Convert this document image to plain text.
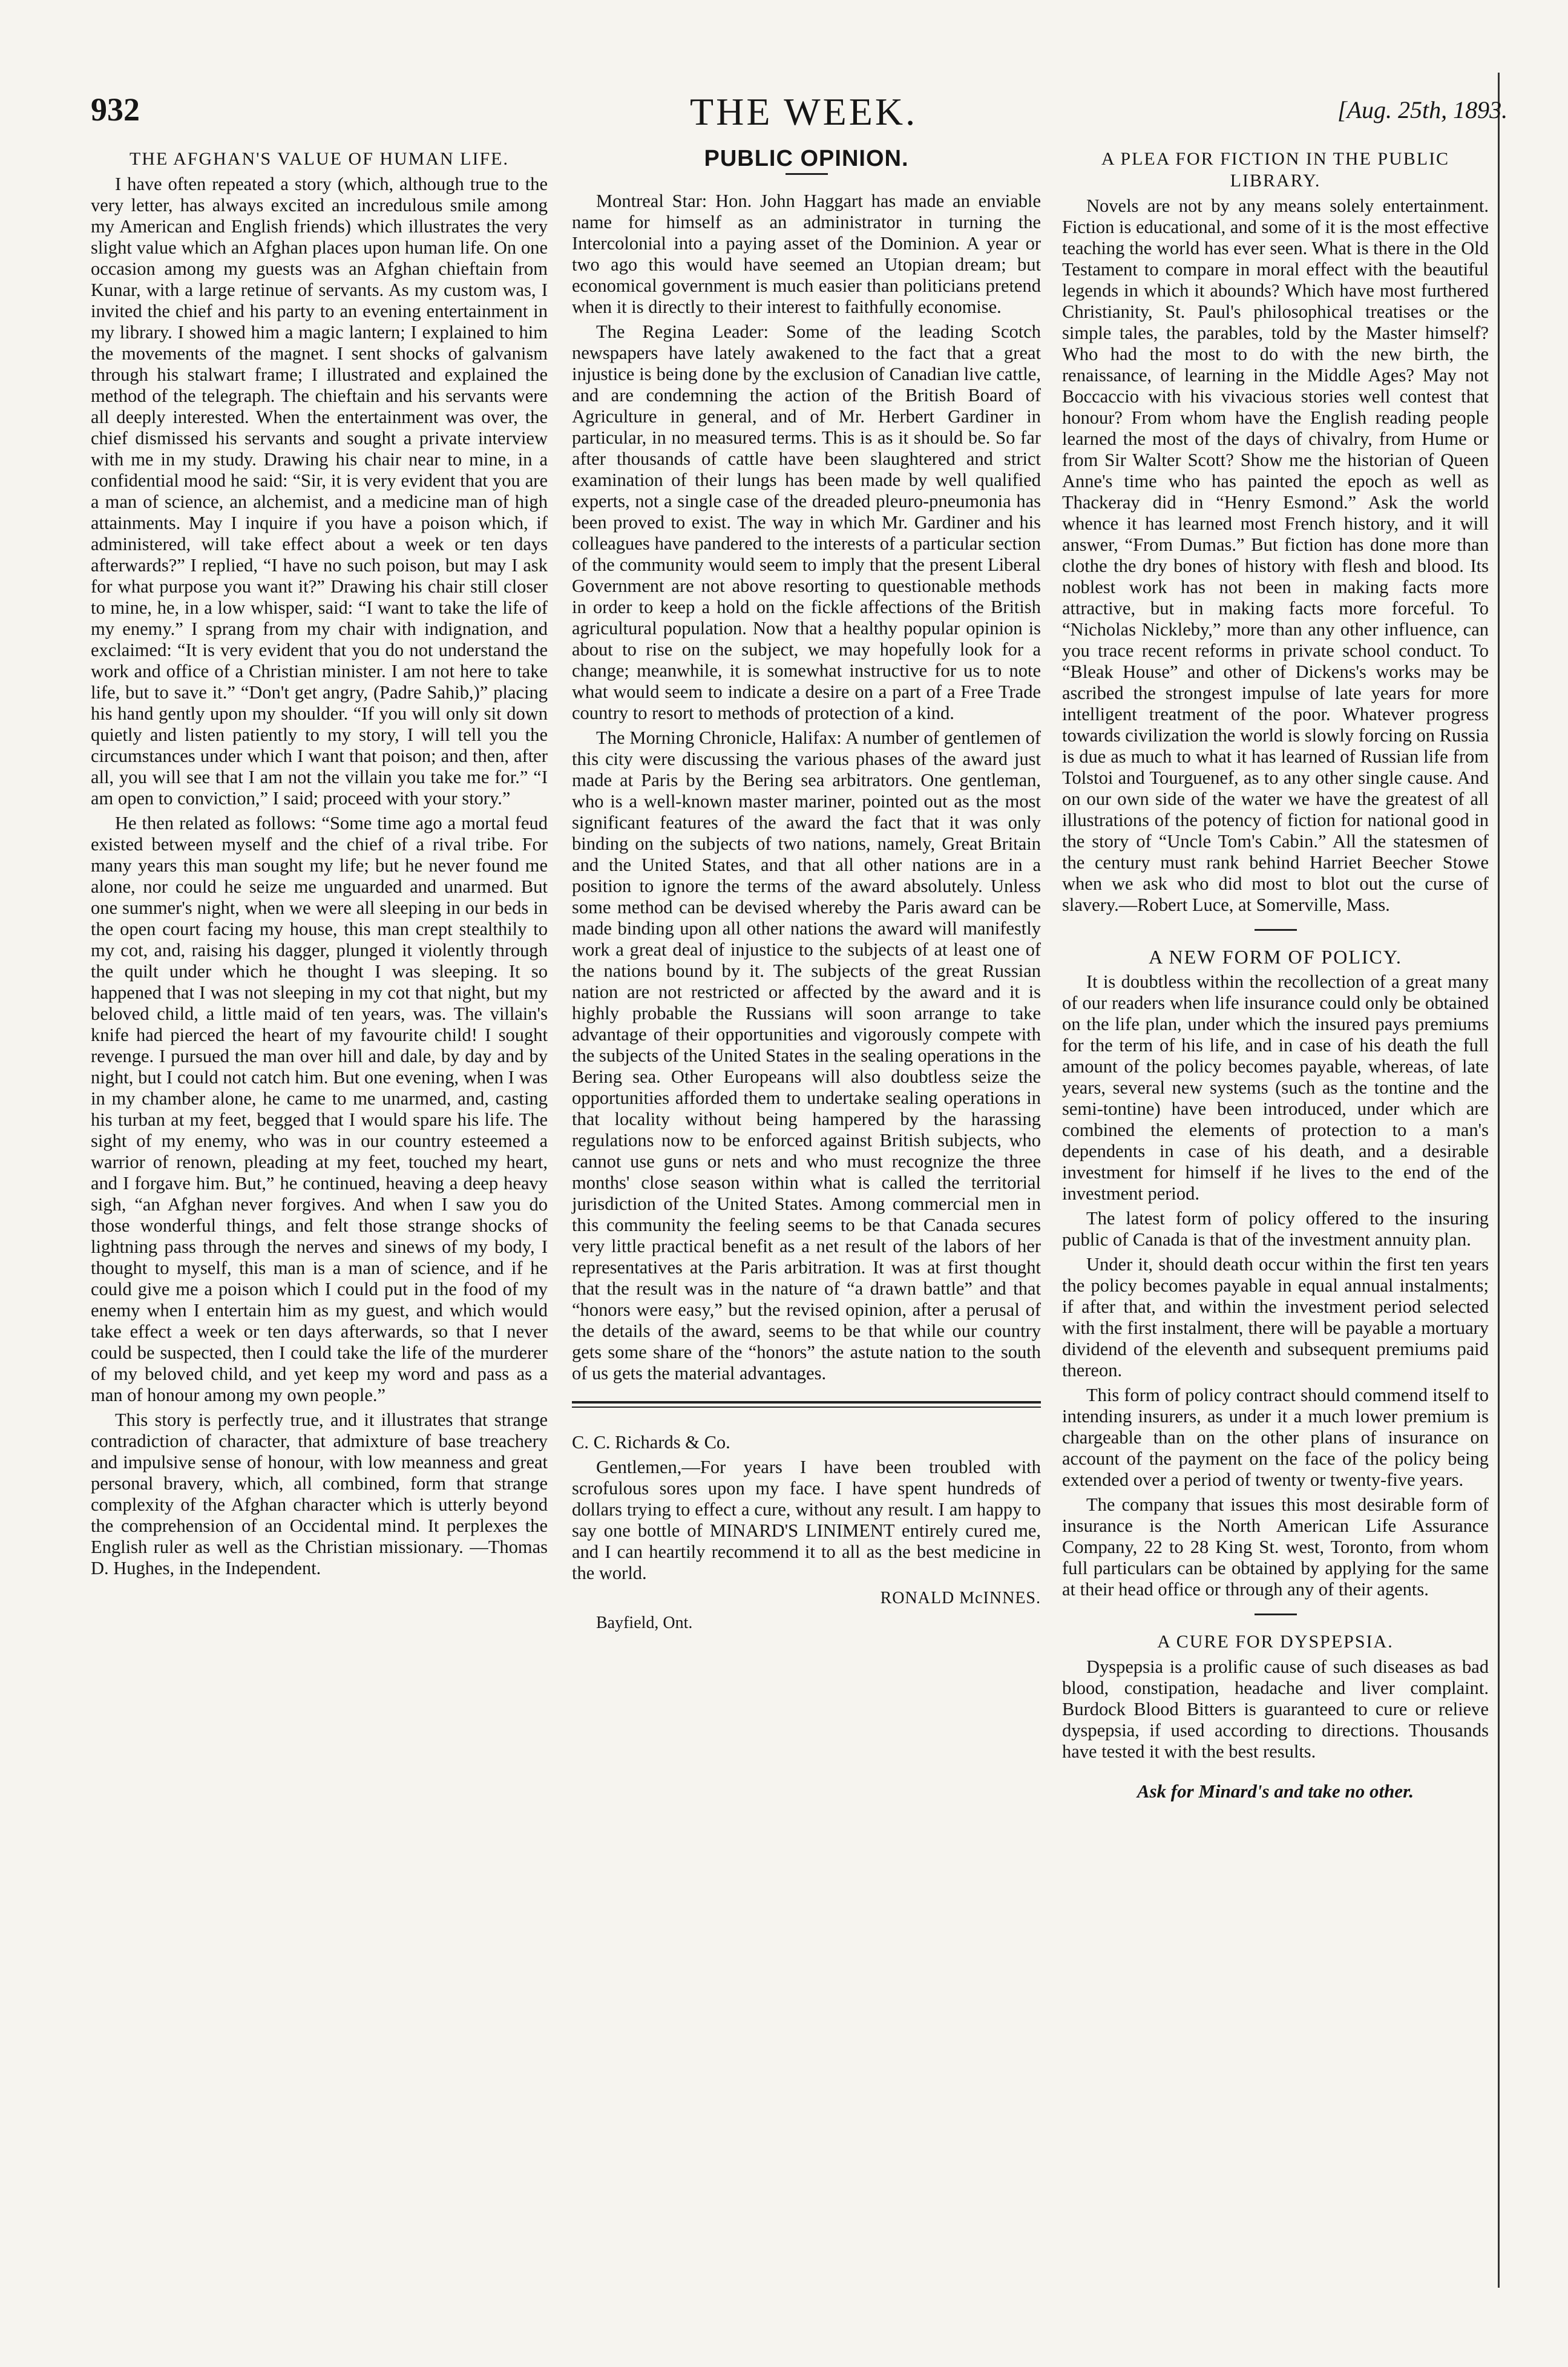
932	THE WEEK.	[Aug. 25th, 1893.

THE AFGHAN'S VALUE OF HUMAN LIFE.

I have often repeated a story (which, although true to the very letter, has always excited an incredulous smile among my American and English friends) which illustrates the very slight value which an Afghan places upon human life. On one occasion among my guests was an Afghan chieftain from Kunar, with a large retinue of servants. As my custom was, I invited the chief and his party to an evening entertainment in my library. I showed him a magic lantern; I explained to him the movements of the magnet. I sent shocks of galvanism through his stalwart frame; I illustrated and explained the method of the telegraph. The chieftain and his servants were all deeply interested. When the entertainment was over, the chief dismissed his servants and sought a private interview with me in my study. Drawing his chair near to mine, in a confidential mood he said: “Sir, it is very evident that you are a man of science, an alchemist, and a medicine man of high attainments. May I inquire if you have a poison which, if administered, will take effect about a week or ten days afterwards?” I replied, “I have no such poison, but may I ask for what purpose you want it?” Drawing his chair still closer to mine, he, in a low whisper, said: “I want to take the life of my enemy.” I sprang from my chair with indignation, and exclaimed: “It is very evident that you do not understand the work and office of a Christian minister. I am not here to take life, but to save it.” “Don't get angry, (Padre Sahib,)” placing his hand gently upon my shoulder. “If you will only sit down quietly and listen patiently to my story, I will tell you the circumstances under which I want that poison; and then, after all, you will see that I am not the villain you take me for.” “I am open to conviction,” I said; proceed with your story.”

He then related as follows: “Some time ago a mortal feud existed between myself and the chief of a rival tribe. For many years this man sought my life; but he never found me alone, nor could he seize me unguarded and unarmed. But one summer's night, when we were all sleeping in our beds in the open court facing my house, this man crept stealthily to my cot, and, raising his dagger, plunged it violently through the quilt under which he thought I was sleeping. It so happened that I was not sleeping in my cot that night, but my beloved child, a little maid of ten years, was. The villain's knife had pierced the heart of my favourite child! I sought revenge. I pursued the man over hill and dale, by day and by night, but I could not catch him. But one evening, when I was in my chamber alone, he came to me unarmed, and, casting his turban at my feet, begged that I would spare his life. The sight of my enemy, who was in our country esteemed a warrior of renown, pleading at my feet, touched my heart, and I forgave him. But,” he continued, heaving a deep heavy sigh, “an Afghan never forgives. And when I saw you do those wonderful things, and felt those strange shocks of lightning pass through the nerves and sinews of my body, I thought to myself, this man is a man of science, and if he could give me a poison which I could put in the food of my enemy when I entertain him as my guest, and which would take effect a week or ten days afterwards, so that I never could be suspected, then I could take the life of the murderer of my beloved child, and yet keep my word and pass as a man of honour among my own people.”

This story is perfectly true, and it illustrates that strange contradiction of character, that admixture of base treachery and impulsive sense of honour, with low meanness and great personal bravery, which, all combined, form that strange complexity of the Afghan character which is utterly beyond the comprehension of an Occidental mind. It perplexes the English ruler as well as the Christian missionary. —Thomas D. Hughes, in the Independent.

PUBLIC OPINION.

Montreal Star: Hon. John Haggart has made an enviable name for himself as an administrator in turning the Intercolonial into a paying asset of the Dominion. A year or two ago this would have seemed an Utopian dream; but economical government is much easier than politicians pretend when it is directly to their interest to faithfully economise.

The Regina Leader: Some of the leading Scotch newspapers have lately awakened to the fact that a great injustice is being done by the exclusion of Canadian live cattle, and are condemning the action of the British Board of Agriculture in general, and of Mr. Herbert Gardiner in particular, in no measured terms. This is as it should be. So far after thousands of cattle have been slaughtered and strict examination of their lungs has been made by well qualified experts, not a single case of the dreaded pleuro-pneumonia has been proved to exist. The way in which Mr. Gardiner and his colleagues have pandered to the interests of a particular section of the community would seem to imply that the present Liberal Government are not above resorting to questionable methods in order to keep a hold on the fickle affections of the British agricultural population. Now that a healthy popular opinion is about to rise on the subject, we may hopefully look for a change; meanwhile, it is somewhat instructive for us to note what would seem to indicate a desire on a part of a Free Trade country to resort to methods of protection of a kind.

The Morning Chronicle, Halifax: A number of gentlemen of this city were discussing the various phases of the award just made at Paris by the Bering sea arbitrators. One gentleman, who is a well-known master mariner, pointed out as the most significant features of the award the fact that it was only binding on the subjects of two nations, namely, Great Britain and the United States, and that all other nations are in a position to ignore the terms of the award absolutely. Unless some method can be devised whereby the Paris award can be made binding upon all other nations the award will manifestly work a great deal of injustice to the subjects of at least one of the nations bound by it. The subjects of the great Russian nation are not restricted or affected by the award and it is highly probable the Russians will soon arrange to take advantage of their opportunities and vigorously compete with the subjects of the United States in the sealing operations in the Bering sea. Other Europeans will also doubtless seize the opportunities afforded them to undertake sealing operations in that locality without being hampered by the harassing regulations now to be enforced against British subjects, who cannot use guns or nets and who must recognize the three months' close season within what is called the territorial jurisdiction of the United States. Among commercial men in this community the feeling seems to be that Canada secures very little practical benefit as a net result of the labors of her representatives at the Paris arbitration. It was at first thought that the result was in the nature of “a drawn battle” and that “honors were easy,” but the revised opinion, after a perusal of the details of the award, seems to be that while our country gets some share of the “honors” the astute nation to the south of us gets the material advantages.

C. C. Richards & Co.

Gentlemen,—For years I have been troubled with scrofulous sores upon my face. I have spent hundreds of dollars trying to effect a cure, without any result. I am happy to say one bottle of MINARD'S LINIMENT entirely cured me, and I can heartily recommend it to all as the best medicine in the world.

RONALD McINNES.

Bayfield, Ont.

A PLEA FOR FICTION IN THE PUBLIC LIBRARY.

Novels are not by any means solely entertainment. Fiction is educational, and some of it is the most effective teaching the world has ever seen. What is there in the Old Testament to compare in moral effect with the beautiful legends in which it abounds? Which have most furthered Christianity, St. Paul's philosophical treatises or the simple tales, the parables, told by the Master himself? Who had the most to do with the new birth, the renaissance, of learning in the Middle Ages? May not Boccaccio with his vivacious stories well contest that honour? From whom have the English reading people learned the most of the days of chivalry, from Hume or from Sir Walter Scott? Show me the historian of Queen Anne's time who has painted the epoch as well as Thackeray did in “Henry Esmond.” Ask the world whence it has learned most French history, and it will answer, “From Dumas.” But fiction has done more than clothe the dry bones of history with flesh and blood. Its noblest work has not been in making facts more attractive, but in making facts more forceful. To “Nicholas Nickleby,” more than any other influence, can you trace recent reforms in private school conduct. To “Bleak House” and other of Dickens's works may be ascribed the strongest impulse of late years for more intelligent treatment of the poor. Whatever progress towards civilization the world is slowly forcing on Russia is due as much to what it has learned of Russian life from Tolstoi and Tourguenef, as to any other single cause. And on our own side of the water we have the greatest of all illustrations of the potency of fiction for national good in the story of “Uncle Tom's Cabin.” All the statesmen of the century must rank behind Harriet Beecher Stowe when we ask who did most to blot out the curse of slavery.—Robert Luce, at Somerville, Mass.

A NEW FORM OF POLICY.

It is doubtless within the recollection of a great many of our readers when life insurance could only be obtained on the life plan, under which the insured pays premiums for the term of his life, and in case of his death the full amount of the policy becomes payable, whereas, of late years, several new systems (such as the tontine and the semi-tontine) have been introduced, under which are combined the elements of protection to a man's dependents in case of his death, and a desirable investment for himself if he lives to the end of the investment period.

The latest form of policy offered to the insuring public of Canada is that of the investment annuity plan.

Under it, should death occur within the first ten years the policy becomes payable in equal annual instalments; if after that, and within the investment period selected with the first instalment, there will be payable a mortuary dividend of the eleventh and subsequent premiums paid thereon.

This form of policy contract should commend itself to intending insurers, as under it a much lower premium is chargeable than on the other plans of insurance on account of the payment on the face of the policy being extended over a period of twenty or twenty-five years.

The company that issues this most desirable form of insurance is the North American Life Assurance Company, 22 to 28 King St. west, Toronto, from whom full particulars can be obtained by applying for the same at their head office or through any of their agents.

A CURE FOR DYSPEPSIA.

Dyspepsia is a prolific cause of such diseases as bad blood, constipation, headache and liver complaint. Burdock Blood Bitters is guaranteed to cure or relieve dyspepsia, if used according to directions. Thousands have tested it with the best results.

Ask for Minard's and take no other.
